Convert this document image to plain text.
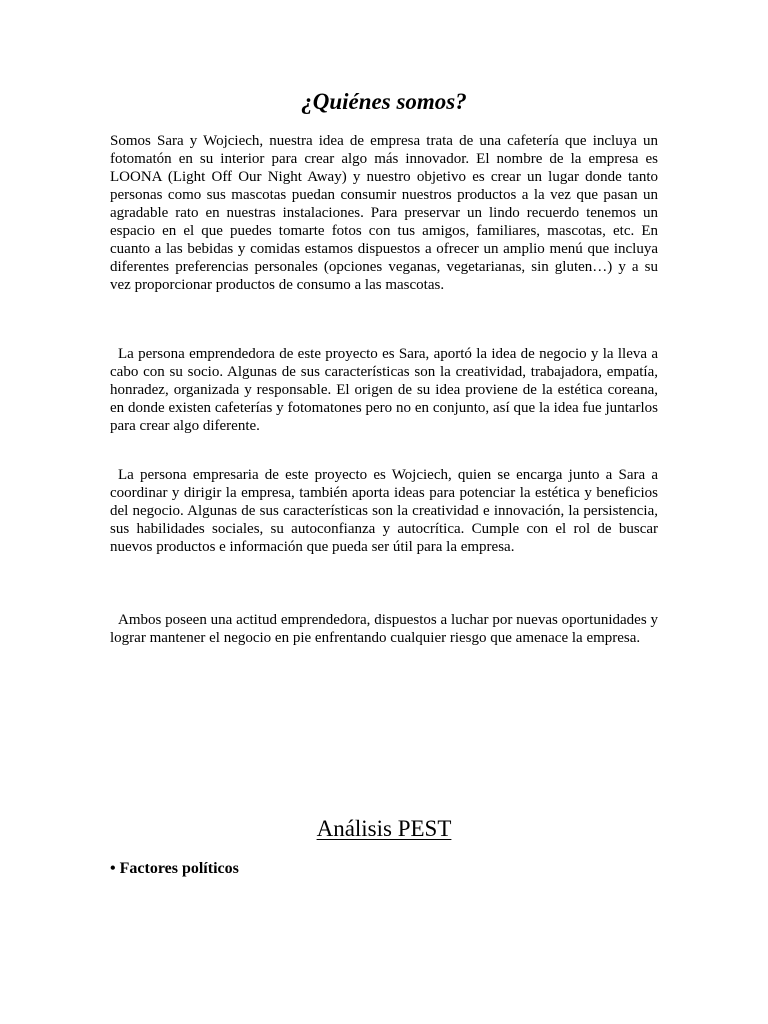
¿Quiénes somos?

Somos Sara y Wojciech, nuestra idea de empresa trata de una cafetería que incluya un fotomatón en su interior para crear algo más innovador. El nombre de la empresa es LOONA (Light Off Our Night Away) y nuestro objetivo es crear un lugar donde tanto personas como sus mascotas puedan consumir nuestros productos a la vez que pasan un agradable rato en nuestras instalaciones. Para preservar un lindo recuerdo tenemos un espacio en el que puedes tomarte fotos con tus amigos, familiares, mascotas, etc. En cuanto a las bebidas y comidas estamos dispuestos a ofrecer un amplio menú que incluya diferentes preferencias personales (opciones veganas, vegetarianas, sin gluten…) y a su vez proporcionar productos de consumo a las mascotas.

La persona emprendedora de este proyecto es Sara, aportó la idea de negocio y la lleva a cabo con su socio. Algunas de sus características son la creatividad, trabajadora, empatía, honradez, organizada y responsable. El origen de su idea proviene de la estética coreana, en donde existen cafeterías y fotomatones pero no en conjunto, así que la idea fue juntarlos para crear algo diferente.

La persona empresaria de este proyecto es Wojciech, quien se encarga junto a Sara a coordinar y dirigir la empresa, también aporta ideas para potenciar la estética y beneficios del negocio. Algunas de sus características son la creatividad e innovación, la persistencia, sus habilidades sociales, su autoconfianza y autocrítica. Cumple con el rol de buscar nuevos productos e información que pueda ser útil para la empresa.

Ambos poseen una actitud emprendedora, dispuestos a luchar por nuevas oportunidades y lograr mantener el negocio en pie enfrentando cualquier riesgo que amenace la empresa.

Análisis PEST

• Factores políticos
